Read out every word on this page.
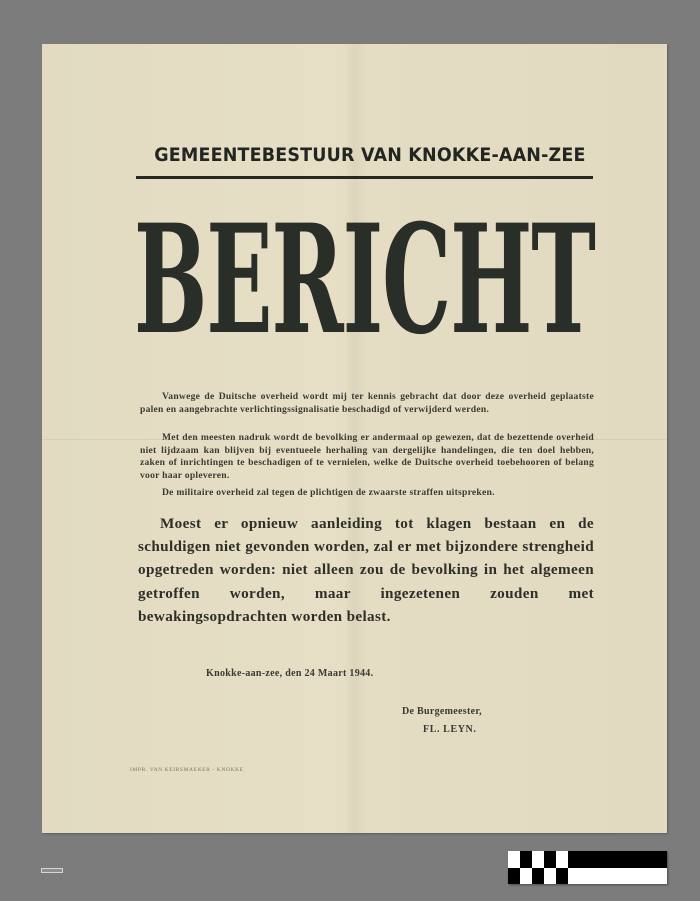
GEMEENTEBESTUUR VAN KNOKKE-AAN-ZEE
BERICHT

Vanwege de Duitsche overheid wordt mij ter kennis gebracht dat door deze overheid geplaatste palen en aangebrachte verlichtingssignalisatie beschadigd of verwijderd werden.

Met den meesten nadruk wordt de bevolking er andermaal op gewezen, dat de bezettende overheid niet lijdzaam kan blijven bij eventueele herhaling van dergelijke handelingen, die ten doel hebben, zaken of inrichtingen te beschadigen of te vernielen, welke de Duitsche overheid toebehooren of belang voor haar opleveren.

De militaire overheid zal tegen de plichtigen de zwaarste straffen uitspreken.

Moest er opnieuw aanleiding tot klagen bestaan en de schuldigen niet gevonden worden, zal er met bijzondere strengheid opgetreden worden: niet alleen zou de bevolking in het algemeen getroffen worden, maar ingezetenen zouden met bewakingsopdrachten worden belast.

Knokke-aan-zee, den 24 Maart 1944.
De Burgemeester,
FL. LEYN.
IMPR. VAN KEIRSMAEKER - KNOKKE
